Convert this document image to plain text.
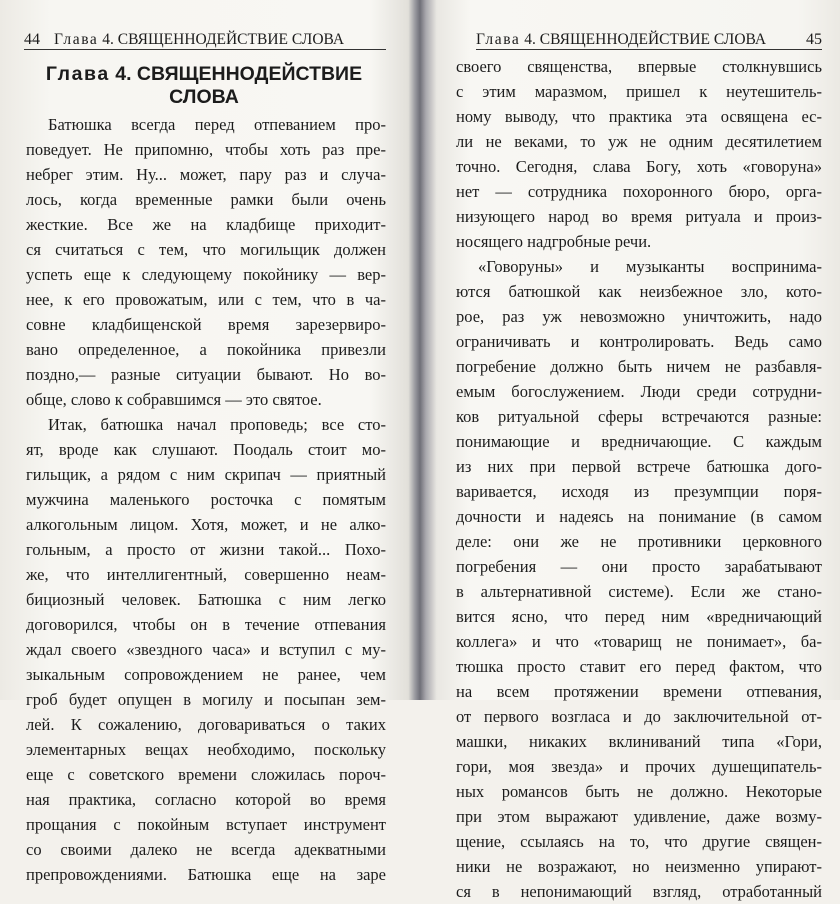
44 Глава 4. СВЯЩЕННОДЕЙСТВИЕ СЛОВА
Глава 4. СВЯЩЕННОДЕЙСТВИЕ
СЛОВА
Батюшка всегда перед отпеванием про-
поведует. Не припомню, чтобы хоть раз пре-
небрег этим. Ну... может, пару раз и случа-
лось, когда временные рамки были очень
жесткие. Все же на кладбище приходит-
ся считаться с тем, что могильщик должен
успеть еще к следующему покойнику — вер-
нее, к его провожатым, или с тем, что в ча-
совне кладбищенской время зарезервиро-
вано определенное, а покойника привезли
поздно,— разные ситуации бывают. Но во-
обще, слово к собравшимся — это святое.
Итак, батюшка начал проповедь; все сто-
ят, вроде как слушают. Поодаль стоит мо-
гильщик, а рядом с ним скрипач — приятный
мужчина маленького росточка с помятым
алкогольным лицом. Хотя, может, и не алко-
гольным, а просто от жизни такой... Похо-
же, что интеллигентный, совершенно неам-
бициозный человек. Батюшка с ним легко
договорился, чтобы он в течение отпевания
ждал своего «звездного часа» и вступил с му-
зыкальным сопровождением не ранее, чем
гроб будет опущен в могилу и посыпан зем-
лей. К сожалению, договариваться о таких
элементарных вещах необходимо, поскольку
еще с советского времени сложилась пороч-
ная практика, согласно которой во время
прощания с покойным вступает инструмент
со своими далеко не всегда адекватными
препровождениями. Батюшка еще на заре
45
Глава 4. СВЯЩЕННОДЕЙСТВИЕ СЛОВА
своего священства, впервые столкнувшись
с этим маразмом, пришел к неутешитель-
ному выводу, что практика эта освящена ес-
ли не веками, то уж не одним десятилетием
точно. Сегодня, слава Богу, хоть «говоруна»
нет — сотрудника похоронного бюро, орга-
низующего народ во время ритуала и произ-
носящего надгробные речи.
«Говоруны» и музыканты воспринима-
ются батюшкой как неизбежное зло, кото-
рое, раз уж невозможно уничтожить, надо
ограничивать и контролировать. Ведь само
погребение должно быть ничем не разбавля-
емым богослужением. Люди среди сотрудни-
ков ритуальной сферы встречаются разные:
понимающие и вредничающие. С каждым
из них при первой встрече батюшка дого-
варивается, исходя из презумпции поря-
дочности и надеясь на понимание (в самом
деле: они же не противники церковного
погребения — они просто зарабатывают
в альтернативной системе). Если же стано-
вится ясно, что перед ним «вредничающий
коллега» и что «товарищ не понимает», ба-
тюшка просто ставит его перед фактом, что
на всем протяжении времени отпевания,
от первого возгласа и до заключительной от-
машки, никаких вклиниваний типа «Гори,
гори, моя звезда» и прочих душещипатель-
ных романсов быть не должно. Некоторые
при этом выражают удивление, даже возму-
щение, ссылаясь на то, что другие священ-
ники не возражают, но неизменно упирают-
ся в непонимающий взгляд, отработанный
